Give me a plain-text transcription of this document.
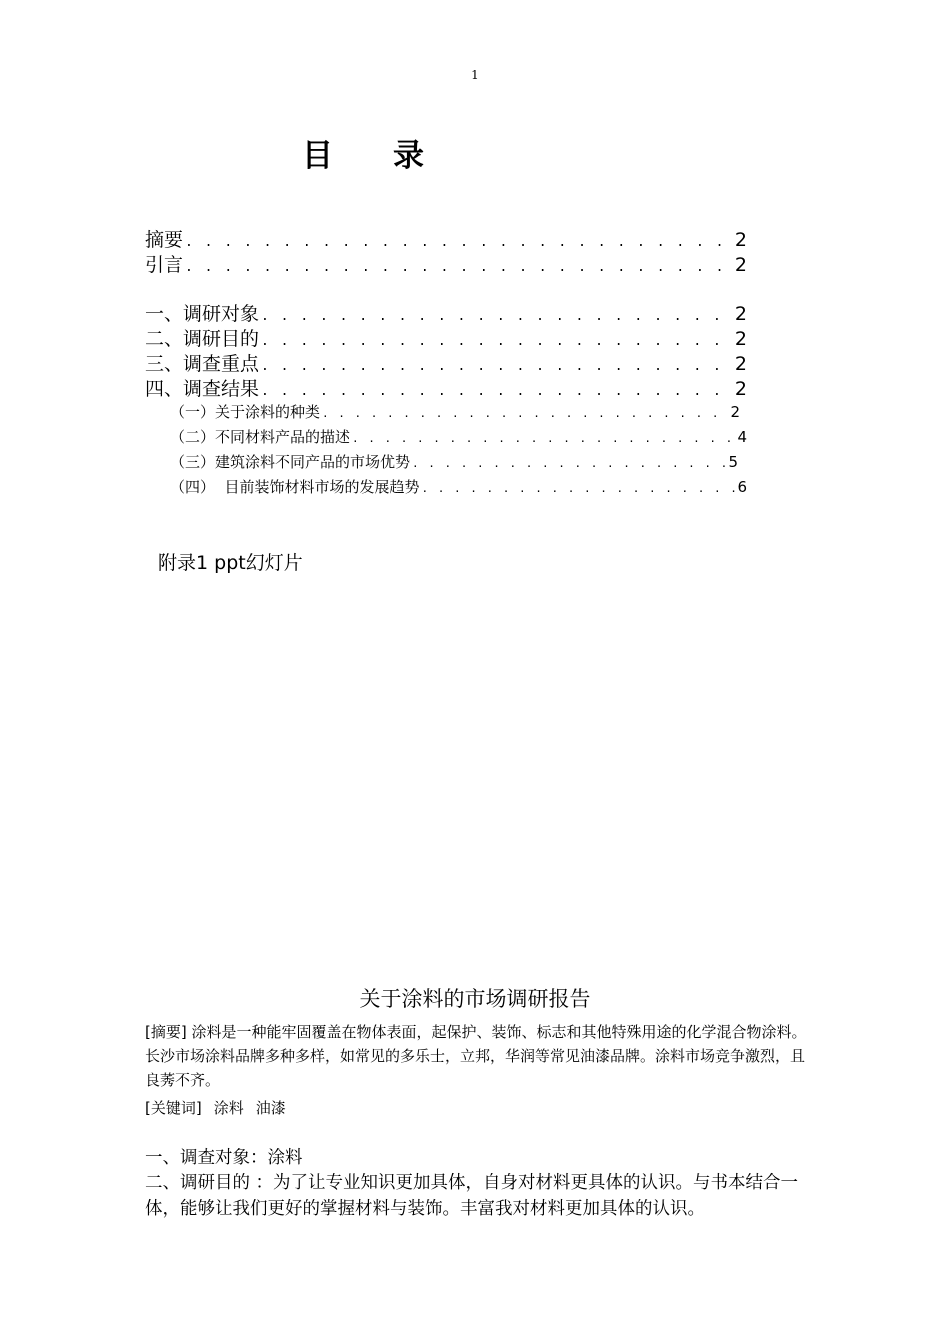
1
目 录
摘要 . . .	2
引言 . . .	2
一、调研对象 . . .	2
二、调研目的 . . .	2
三、调查重点 . . .	2
四、调查结果 . . .	2
（一）关于涂料的种类 . . .	2
（二）不同材料产品的描述 . . .	4
（三）建筑涂料不同产品的市场优势 . . .	5
（四）  目前装饰材料市场的发展趋势 . . .	6
附录1 ppt幻灯片
关于涂料的市场调研报告
[摘要] 涂料是一种能牢固覆盖在物体表面，起保护、装饰、标志和其他特殊用途的化学混合物涂料。长沙市场涂料品牌多种多样，如常见的多乐士，立邦，华润等常见油漆品牌。涂料市场竞争激烈，且良莠不齐。
[关键词] 涂料 油漆
一、调查对象：涂料
二、调研目的 ：为了让专业知识更加具体，自身对材料更具体的认识。与书本结合一体，能够让我们更好的掌握材料与装饰。丰富我对材料更加具体的认识。
